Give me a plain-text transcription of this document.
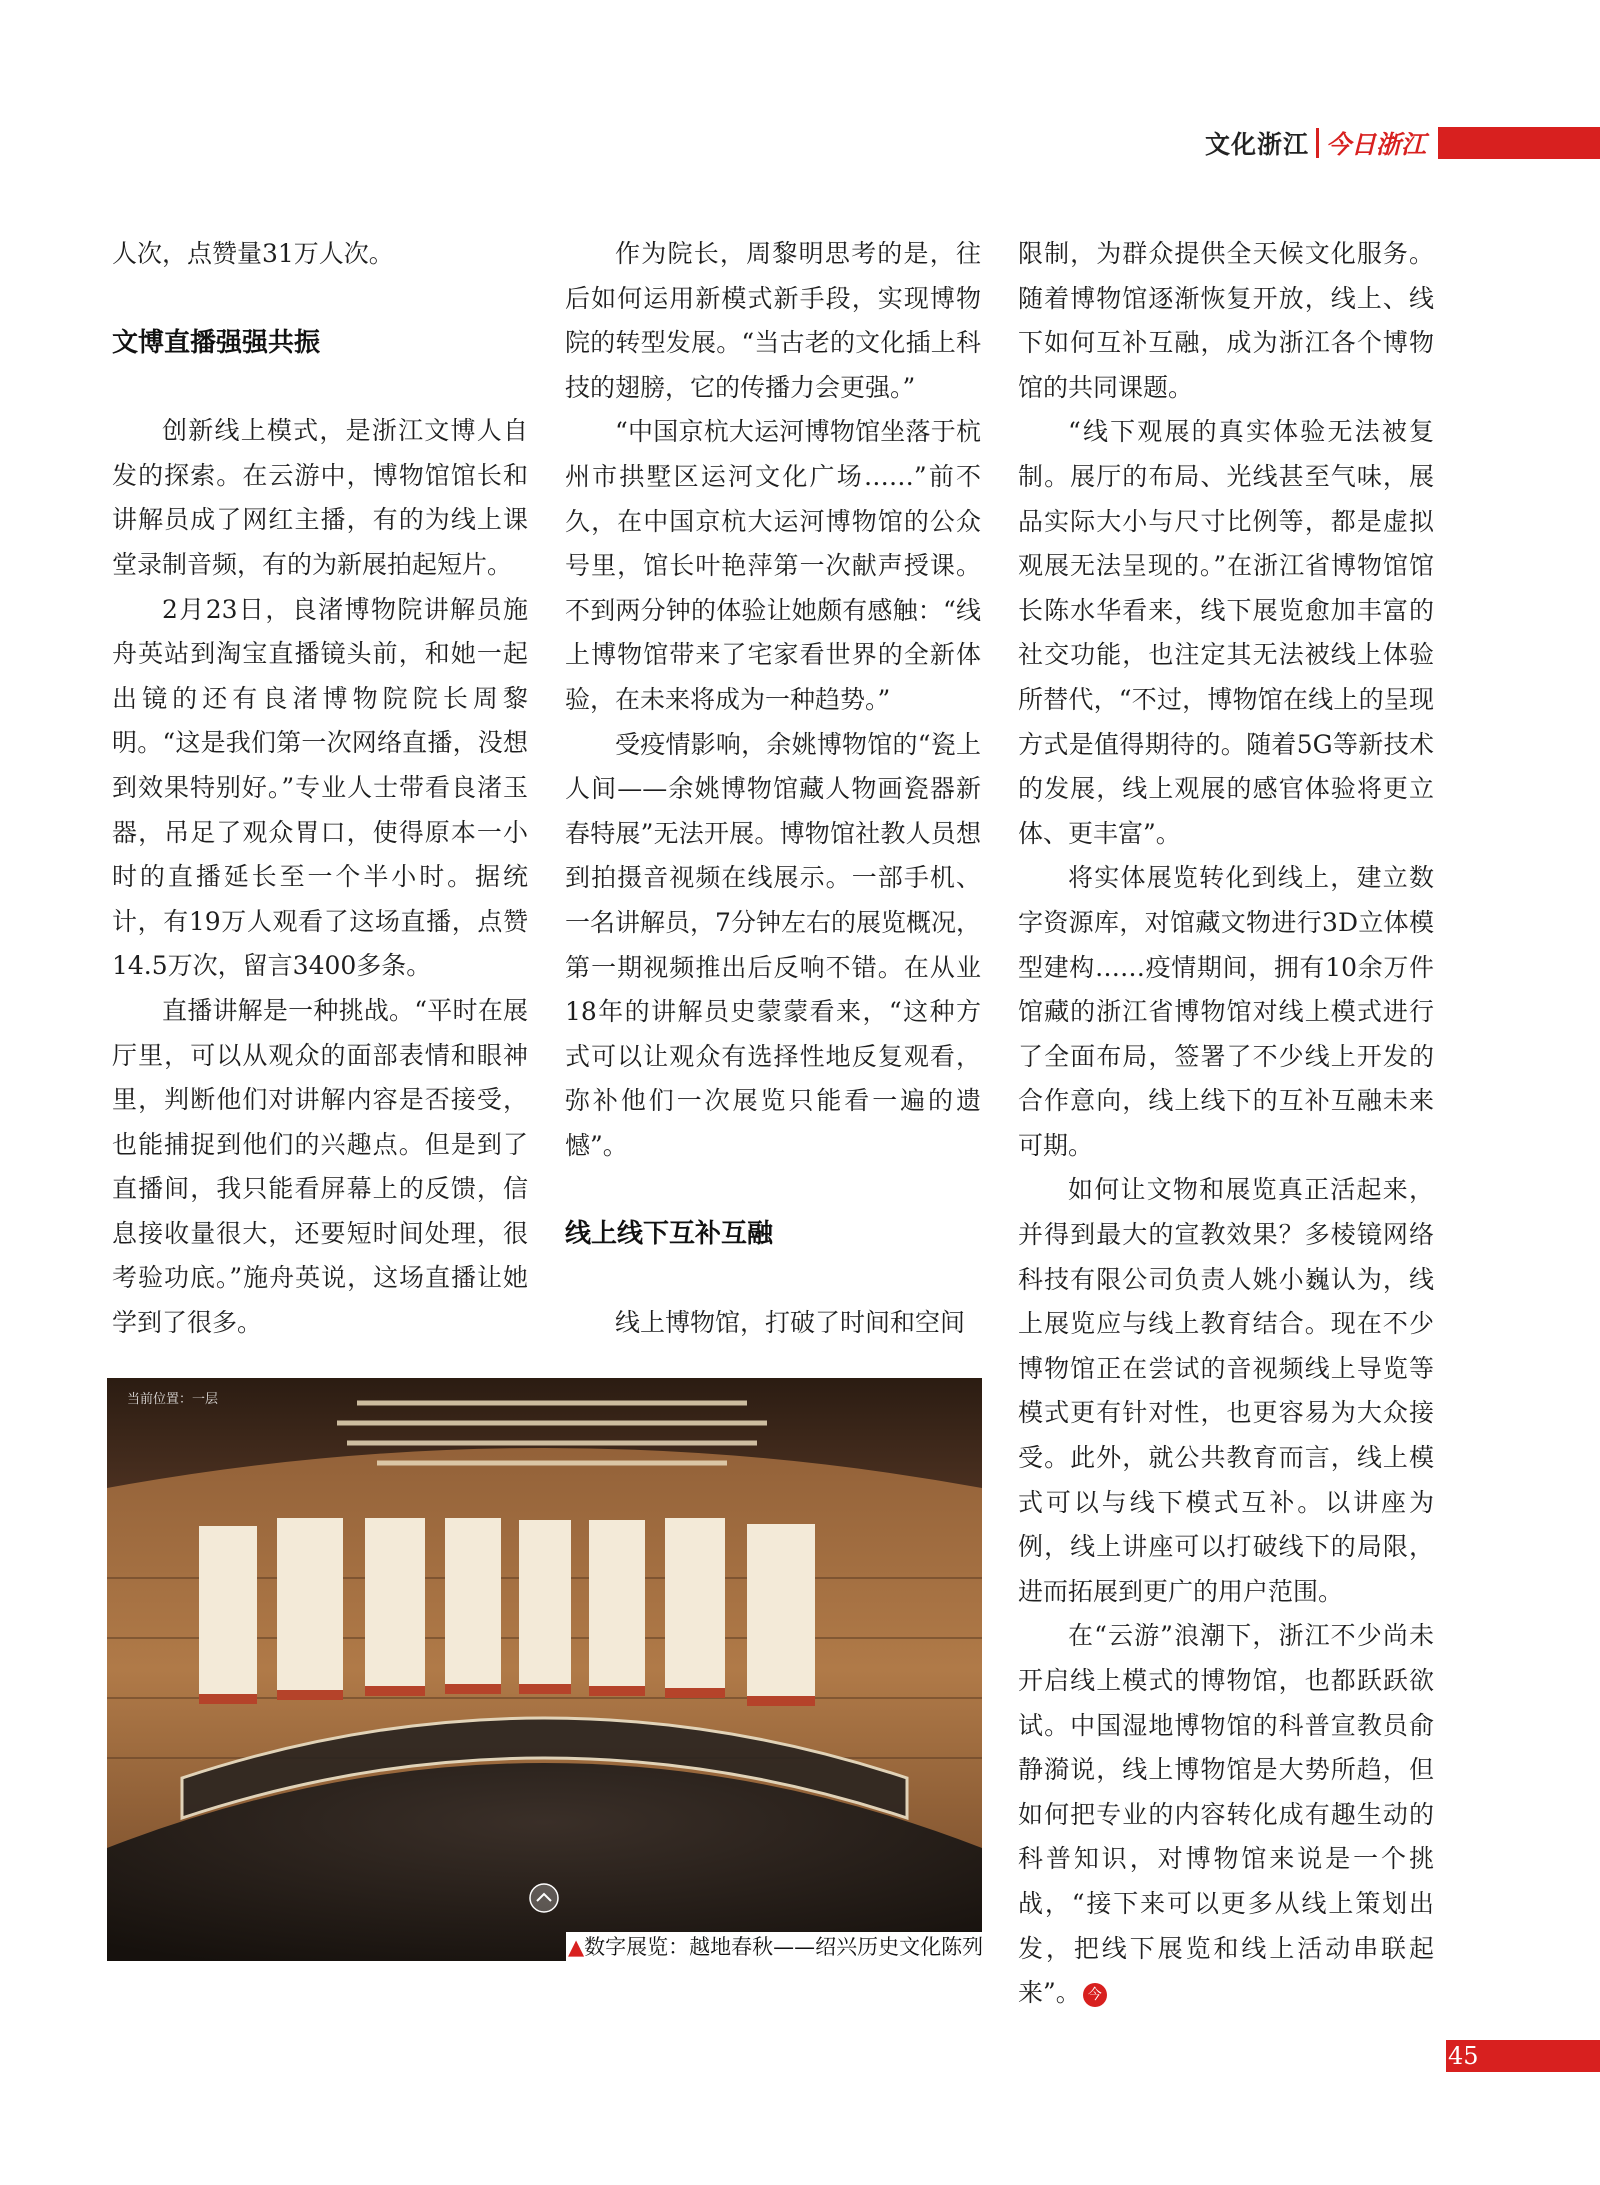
文化浙江 今日浙江

人次，点赞量31万人次。

文博直播强强共振

创新线上模式，是浙江文博人自发的探索。在云游中，博物馆馆长和讲解员成了网红主播，有的为线上课堂录制音频，有的为新展拍起短片。

2月23日，良渚博物院讲解员施舟英站到淘宝直播镜头前，和她一起出镜的还有良渚博物院院长周黎明。“这是我们第一次网络直播，没想到效果特别好。”专业人士带看良渚玉器，吊足了观众胃口，使得原本一小时的直播延长至一个半小时。据统计，有19万人观看了这场直播，点赞14.5万次，留言3400多条。

直播讲解是一种挑战。“平时在展厅里，可以从观众的面部表情和眼神里，判断他们对讲解内容是否接受，也能捕捉到他们的兴趣点。但是到了直播间，我只能看屏幕上的反馈，信息接收量很大，还要短时间处理，很考验功底。”施舟英说，这场直播让她学到了很多。

作为院长，周黎明思考的是，往后如何运用新模式新手段，实现博物院的转型发展。“当古老的文化插上科技的翅膀，它的传播力会更强。”

“中国京杭大运河博物馆坐落于杭州市拱墅区运河文化广场……”前不久，在中国京杭大运河博物馆的公众号里，馆长叶艳萍第一次献声授课。不到两分钟的体验让她颇有感触：“线上博物馆带来了宅家看世界的全新体验，在未来将成为一种趋势。”

受疫情影响，余姚博物馆的“瓷上人间——余姚博物馆藏人物画瓷器新春特展”无法开展。博物馆社教人员想到拍摄音视频在线展示。一部手机、一名讲解员，7分钟左右的展览概况，第一期视频推出后反响不错。在从业18年的讲解员史蒙蒙看来，“这种方式可以让观众有选择性地反复观看，弥补他们一次展览只能看一遍的遗憾”。

线上线下互补互融

线上博物馆，打破了时间和空间

限制，为群众提供全天候文化服务。随着博物馆逐渐恢复开放，线上、线下如何互补互融，成为浙江各个博物馆的共同课题。

“线下观展的真实体验无法被复制。展厅的布局、光线甚至气味，展品实际大小与尺寸比例等，都是虚拟观展无法呈现的。”在浙江省博物馆馆长陈水华看来，线下展览愈加丰富的社交功能，也注定其无法被线上体验所替代，“不过，博物馆在线上的呈现方式是值得期待的。随着5G等新技术的发展，线上观展的感官体验将更立体、更丰富”。

将实体展览转化到线上，建立数字资源库，对馆藏文物进行3D立体模型建构……疫情期间，拥有10余万件馆藏的浙江省博物馆对线上模式进行了全面布局，签署了不少线上开发的合作意向，线上线下的互补互融未来可期。

如何让文物和展览真正活起来，并得到最大的宣教效果？多棱镜网络科技有限公司负责人姚小巍认为，线上展览应与线上教育结合。现在不少博物馆正在尝试的音视频线上导览等模式更有针对性，也更容易为大众接受。此外，就公共教育而言，线上模式可以与线下模式互补。以讲座为例，线上讲座可以打破线下的局限，进而拓展到更广的用户范围。

在“云游”浪潮下，浙江不少尚未开启线上模式的博物馆，也都跃跃欲试。中国湿地博物馆的科普宣教员俞静漪说，线上博物馆是大势所趋，但如何把专业的内容转化成有趣生动的科普知识，对博物馆来说是一个挑战，“接下来可以更多从线上策划出发，把线下展览和线上活动串联起来”。 今

当前位置：一层
▲数字展览：越地春秋——绍兴历史文化陈列
45
